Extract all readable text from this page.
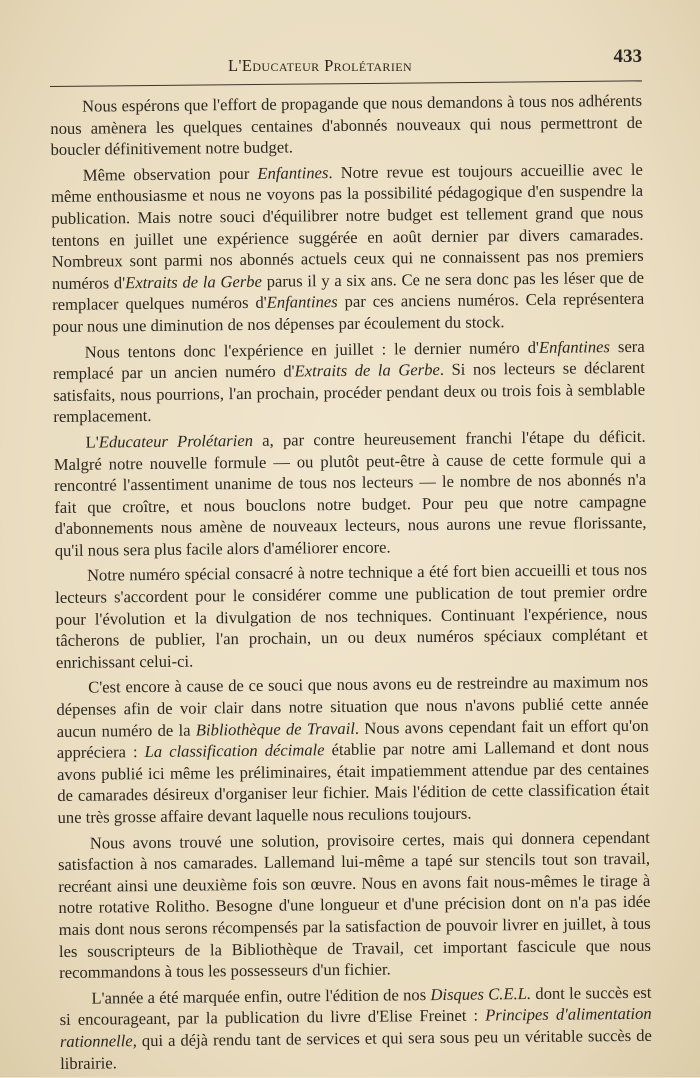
L'Educateur Prolétarien	433

Nous espérons que l'effort de propagande que nous demandons à tous nos adhérents nous amènera les quelques centaines d'abonnés nouveaux qui nous permettront de boucler définitivement notre budget.

Même observation pour Enfantines. Notre revue est toujours accueillie avec le même enthousiasme et nous ne voyons pas la possibilité pédagogique d'en suspendre la publication. Mais notre souci d'équilibrer notre budget est tellement grand que nous tentons en juillet une expérience suggérée en août dernier par divers camarades. Nombreux sont parmi nos abonnés actuels ceux qui ne connaissent pas nos premiers numéros d'Extraits de la Gerbe parus il y a six ans. Ce ne sera donc pas les léser que de remplacer quelques numéros d'Enfantines par ces anciens numéros. Cela représentera pour nous une diminution de nos dépenses par écoulement du stock.

Nous tentons donc l'expérience en juillet : le dernier numéro d'Enfantines sera remplacé par un ancien numéro d'Extraits de la Gerbe. Si nos lecteurs se déclarent satisfaits, nous pourrions, l'an prochain, procéder pendant deux ou trois fois à semblable remplacement.

L'Educateur Prolétarien a, par contre heureusement franchi l'étape du déficit. Malgré notre nouvelle formule — ou plutôt peut-être à cause de cette formule qui a rencontré l'assentiment unanime de tous nos lecteurs — le nombre de nos abonnés n'a fait que croître, et nous bouclons notre budget. Pour peu que notre campagne d'abonnements nous amène de nouveaux lecteurs, nous aurons une revue florissante, qu'il nous sera plus facile alors d'améliorer encore.

Notre numéro spécial consacré à notre technique a été fort bien accueilli et tous nos lecteurs s'accordent pour le considérer comme une publication de tout premier ordre pour l'évolution et la divulgation de nos techniques. Continuant l'expérience, nous tâcherons de publier, l'an prochain, un ou deux numéros spéciaux complétant et enrichissant celui-ci.

C'est encore à cause de ce souci que nous avons eu de restreindre au maximum nos dépenses afin de voir clair dans notre situation que nous n'avons publié cette année aucun numéro de la Bibliothèque de Travail. Nous avons cependant fait un effort qu'on appréciera : La classification décimale établie par notre ami Lallemand et dont nous avons publié ici même les préliminaires, était impatiemment attendue par des centaines de camarades désireux d'organiser leur fichier. Mais l'édition de cette classification était une très grosse affaire devant laquelle nous reculions toujours.

Nous avons trouvé une solution, provisoire certes, mais qui donnera cependant satisfaction à nos camarades. Lallemand lui-même a tapé sur stencils tout son travail, recréant ainsi une deuxième fois son œuvre. Nous en avons fait nous-mêmes le tirage à notre rotative Rolitho. Besogne d'une longueur et d'une précision dont on n'a pas idée mais dont nous serons récompensés par la satisfaction de pouvoir livrer en juillet, à tous les souscripteurs de la Bibliothèque de Travail, cet important fascicule que nous recommandons à tous les possesseurs d'un fichier.

L'année a été marquée enfin, outre l'édition de nos Disques C.E.L. dont le succès est si encourageant, par la publication du livre d'Elise Freinet : Principes d'alimentation rationnelle, qui a déjà rendu tant de services et qui sera sous peu un véritable succès de librairie.
